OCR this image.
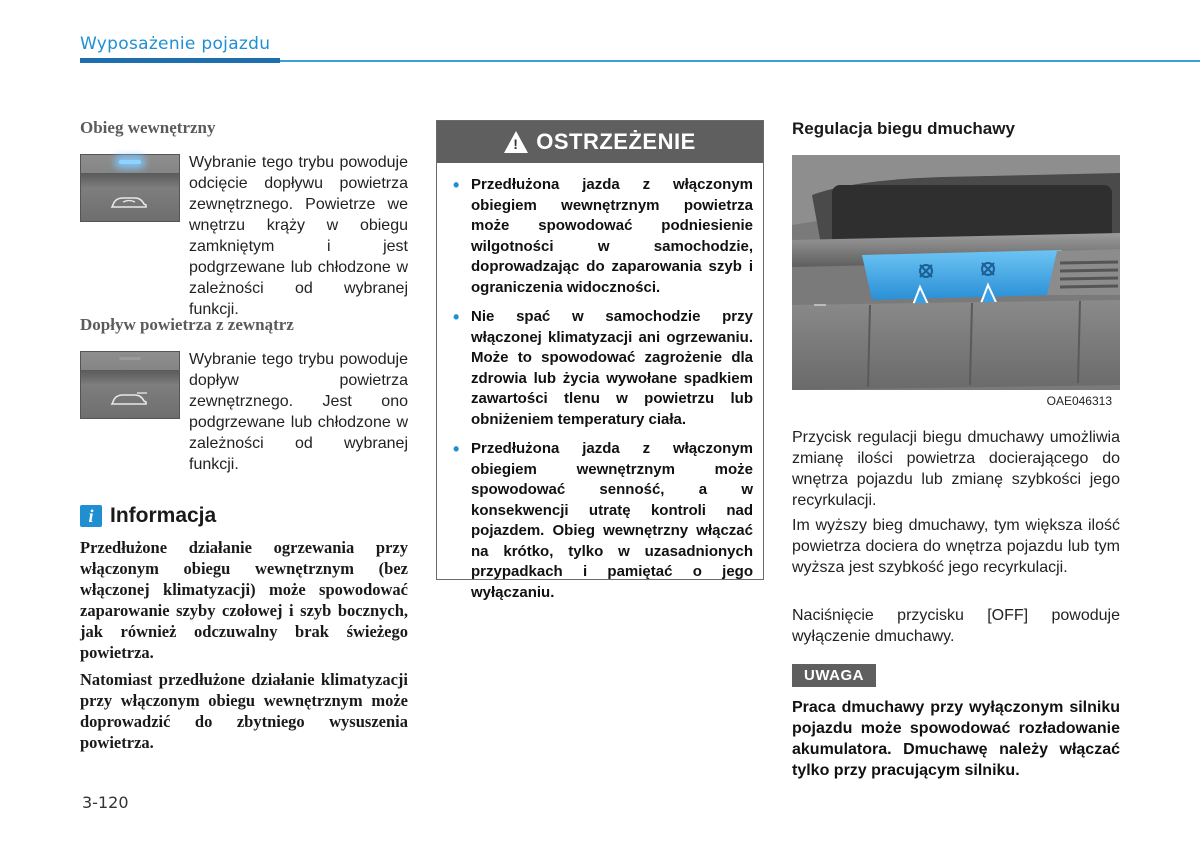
Wyposażenie pojazdu
Obieg wewnętrzny
Wybranie tego trybu powoduje odcięcie dopływu powietrza zewnętrznego. Powietrze we wnętrzu krąży w obiegu zamkniętym i jest podgrzewane lub chłodzone w zależności od wybranej funkcji.
Dopływ powietrza z zewnątrz
Wybranie tego trybu powoduje dopływ powietrza zewnętrznego. Jest ono podgrzewane lub chłodzone w zależności od wybranej funkcji.
i Informacja
Przedłużone działanie ogrzewania przy włączonym obiegu wewnętrznym (bez włączonej klimatyzacji) może spowodować zaparowanie szyby czołowej i szyb bocznych, jak również odczuwalny brak świeżego powietrza.
Natomiast przedłużone działanie klimatyzacji przy włączonym obiegu wewnętrznym może doprowadzić do zbytniego wysuszenia powietrza.
! OSTRZEŻENIE
• Przedłużona jazda z włączonym obiegiem wewnętrznym powietrza może spowodować podniesienie wilgotności w samochodzie, doprowadzając do zaparowania szyb i ograniczenia widoczności.
• Nie spać w samochodzie przy włączonej klimatyzacji ani ogrzewaniu. Może to spowodować zagrożenie dla zdrowia lub życia wywołane spadkiem zawartości tlenu w powietrzu lub obniżeniem temperatury ciała.
• Przedłużona jazda z włączonym obiegiem wewnętrznym może spowodować senność, a w konsekwencji utratę kontroli nad pojazdem. Obieg wewnętrzny włączać na krótko, tylko w uzasadnionych przypadkach i pamiętać o jego wyłączaniu.
Regulacja biegu dmuchawy
OAE046313
Przycisk regulacji biegu dmuchawy umożliwia zmianę ilości powietrza docierającego do wnętrza pojazdu lub zmianę szybkości jego recyrkulacji.
Im wyższy bieg dmuchawy, tym większa ilość powietrza dociera do wnętrza pojazdu lub tym wyższa jest szybkość jego recyrkulacji.
Naciśnięcie przycisku [OFF] powoduje wyłączenie dmuchawy.
UWAGA
Praca dmuchawy przy wyłączonym silniku pojazdu może spowodować rozładowanie akumulatora. Dmuchawę należy włączać tylko przy pracującym silniku.
3-120
